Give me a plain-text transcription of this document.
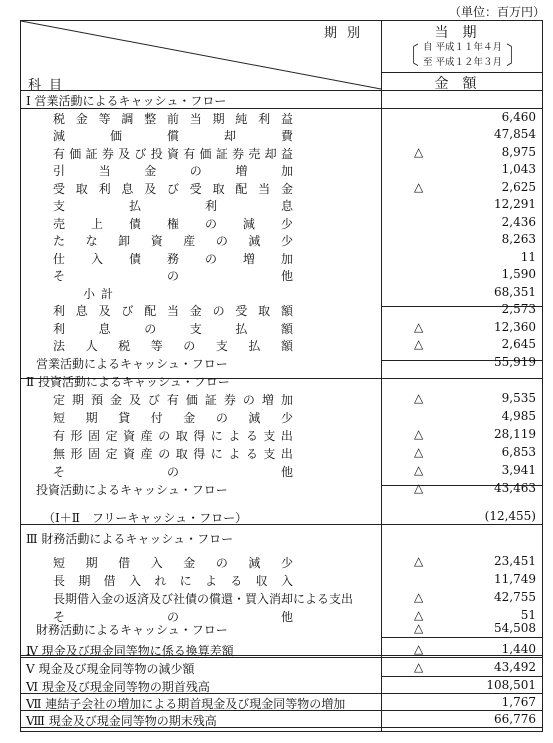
（単位：百万円）
期別
科目
当期
〔 自 平成１１年４月
至 平成１２年３月 〕
金額
Ⅰ 営業活動によるキャッシュ・フロー
税 金 等 調 整 前 当 期 純 利 益	6,460
減	価	償	却	費	47,854
有 価 証 券 及 び 投 資 有 価 証 券 売 却 益	△	8,975
引	当	金	の	増	加	1,043
受 取 利 息 及 び 受 取 配 当 金	△	2,625
支	払	利	息	12,291
売 上 債 権 の 減 少	2,436
た な 卸 資 産 の 減 少	8,263
仕 入 債 務 の 増 加	11
そ	の	他	1,590
小 計	68,351
利 息 及 び 配 当 金 の 受 取 額	2,573
利	息	の	支	払	額	△	12,360
法 人 税 等 の 支 払 額	△	2,645
営業活動によるキャッシュ・フロー	55,919
Ⅱ 投資活動によるキャッシュ・フロー
定 期 預 金 及 び 有 価 証 券 の 増 加	△	9,535
短 期 貸 付 金 の 減 少	4,985
有 形 固 定 資 産 の 取 得 に よ る 支 出	△	28,119
無 形 固 定 資 産 の 取 得 に よ る 支 出	△	6,853
そ	の	他	△	3,941
投資活動によるキャッシュ・フロー	△	43,463
（Ⅰ＋Ⅱ　フリーキャッシュ・フロー）	(12,455)
Ⅲ 財務活動によるキャッシュ・フロー
短 期 借 入 金 の 減 少	△	23,451
長 期 借 入 れ に よ る 収 入	11,749
長期借入金の返済及び社債の償還・買入消却による支出	△	42,755
そ	の	他	△	51
財務活動によるキャッシュ・フロー	△	54,508
Ⅳ 現金及び現金同等物に係る換算差額	△	1,440
Ⅴ 現金及び現金同等物の減少額	△	43,492
Ⅵ 現金及び現金同等物の期首残高	108,501
Ⅶ 連結子会社の増加による期首現金及び現金同等物の増加	1,767
Ⅷ 現金及び現金同等物の期末残高	66,776
